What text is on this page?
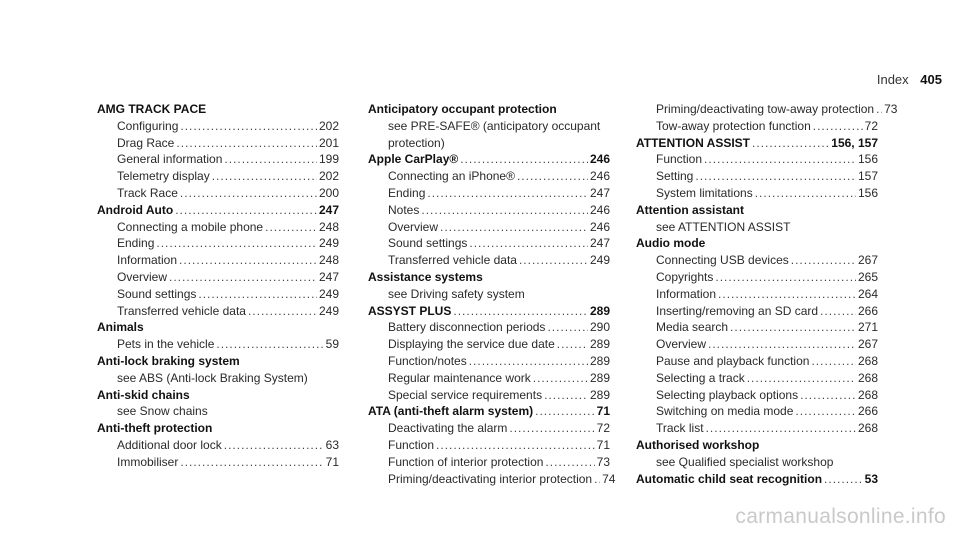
Index 405
AMG TRACK PACE
Configuring .....	202
Drag Race .....	201
General information .....	199
Telemetry display .....	202
Track Race .....	200
Android Auto .....	247
Connecting a mobile phone .....	248
Ending .....	249
Information .....	248
Overview .....	247
Sound settings .....	249
Transferred vehicle data .....	249
Animals
Pets in the vehicle .....	59
Anti-lock braking system
see ABS (Anti-lock Braking System)
Anti-skid chains
see Snow chains
Anti-theft protection
Additional door lock .....	63
Immobiliser .....	71
Anticipatory occupant protection
see PRE-SAFE® (anticipatory occupant protection)
Apple CarPlay® .....	246
Connecting an iPhone® .....	246
Ending .....	247
Notes .....	246
Overview .....	246
Sound settings .....	247
Transferred vehicle data .....	249
Assistance systems
see Driving safety system
ASSYST PLUS .....	289
Battery disconnection periods .....	290
Displaying the service due date .....	289
Function/notes .....	289
Regular maintenance work .....	289
Special service requirements .....	289
ATA (anti-theft alarm system) .....	71
Deactivating the alarm .....	72
Function .....	71
Function of interior protection .....	73
Priming/deactivating interior protection ..... 74
Priming/deactivating tow-away protection ..... 73
Tow-away protection function .....	72
ATTENTION ASSIST .....	156, 157
Function .....	156
Setting .....	157
System limitations .....	156
Attention assistant
see ATTENTION ASSIST
Audio mode
Connecting USB devices .....	267
Copyrights .....	265
Information .....	264
Inserting/removing an SD card .....	266
Media search .....	271
Overview .....	267
Pause and playback function .....	268
Selecting a track .....	268
Selecting playback options .....	268
Switching on media mode .....	266
Track list .....	268
Authorised workshop
see Qualified specialist workshop
Automatic child seat recognition .....	53
carmanualsonline.info
